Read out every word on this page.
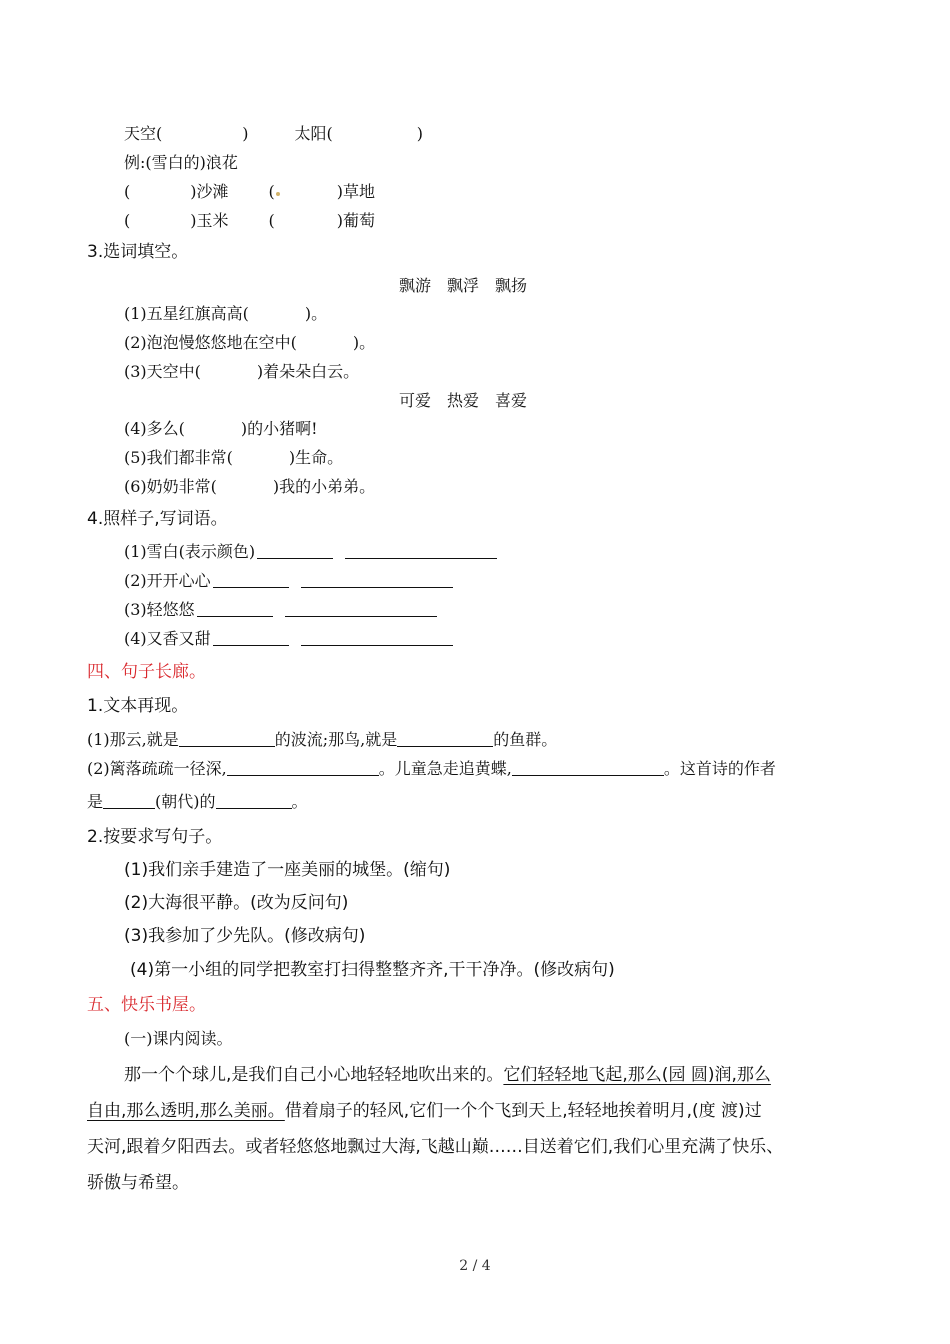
天空(	)	太阳(	)
例:(雪白的)浪花
(	)沙滩	(	)草地
(	)玉米	(	)葡萄
3.选词填空。
飘游　飘浮　飘扬
(1)五星红旗高高(	)。
(2)泡泡慢悠悠地在空中(	)。
(3)天空中(	)着朵朵白云。
可爱　热爱　喜爱
(4)多么(	)的小猪啊!
(5)我们都非常(	)生命。
(6)奶奶非常(	)我的小弟弟。
4.照样子,写词语。
(1)雪白(表示颜色)
(2)开开心心
(3)轻悠悠
(4)又香又甜
四、句子长廊。
1.文本再现。
(1)那云,就是	的波流;那鸟,就是	的鱼群。
(2)篱落疏疏一径深,	。儿童急走追黄蝶,	。这首诗的作者
是	(朝代)的	。
2.按要求写句子。
(1)我们亲手建造了一座美丽的城堡。(缩句)
(2)大海很平静。(改为反问句)
(3)我参加了少先队。(修改病句)
(4)第一小组的同学把教室打扫得整整齐齐,干干净净。(修改病句)
五、快乐书屋。
(一)课内阅读。
那一个个球儿,是我们自己小心地轻轻地吹出来的。它们轻轻地飞起,那么(园 圆)润,那么
自由,那么透明,那么美丽。借着扇子的轻风,它们一个个飞到天上,轻轻地挨着明月,(度 渡)过
天河,跟着夕阳西去。或者轻悠悠地飘过大海,飞越山巅……目送着它们,我们心里充满了快乐、
骄傲与希望。
2 / 4
